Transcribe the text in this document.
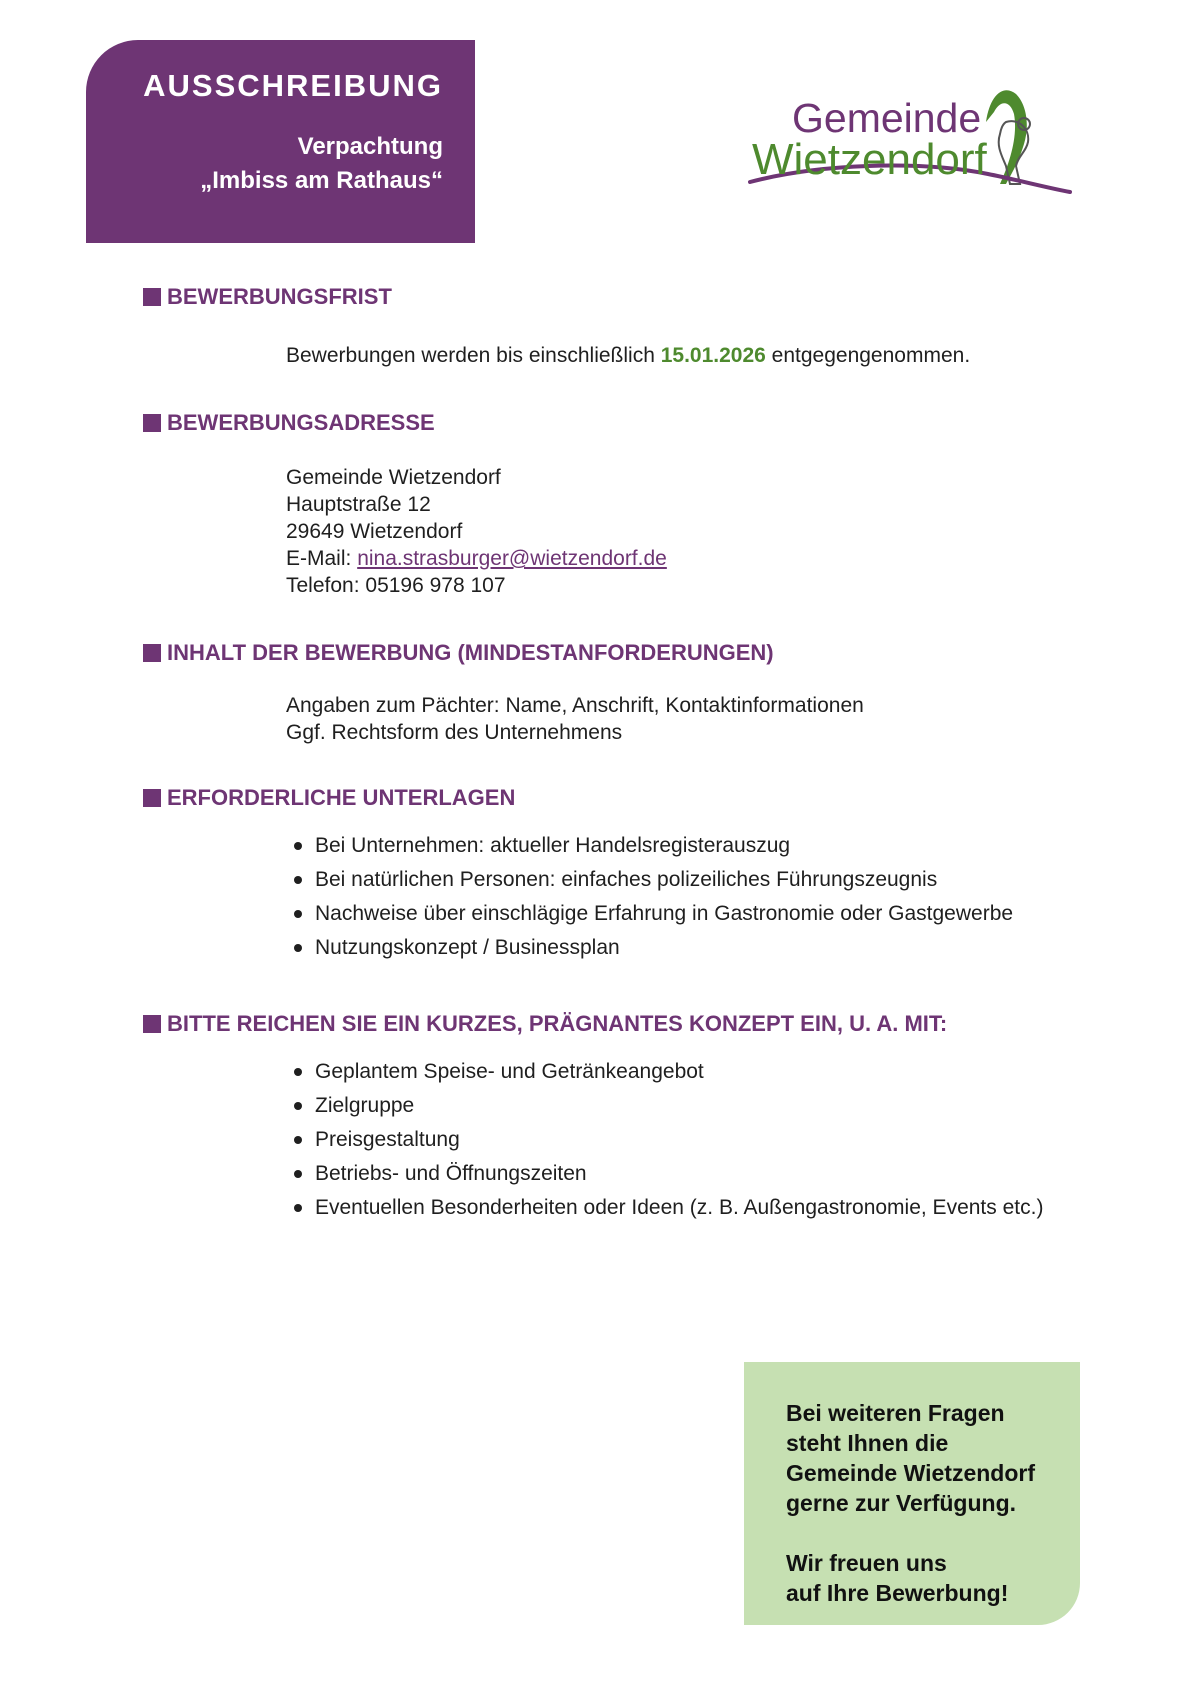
AUSSCHREIBUNG
Verpachtung
„Imbiss am Rathaus“
Gemeinde
Wietzendorf
BEWERBUNGSFRIST
Bewerbungen werden bis einschließlich 15.01.2026 entgegengenommen.
BEWERBUNGSADRESSE
Gemeinde Wietzendorf
Hauptstraße 12
29649 Wietzendorf
E-Mail: nina.strasburger@wietzendorf.de
Telefon: 05196 978 107
INHALT DER BEWERBUNG (MINDESTANFORDERUNGEN)
Angaben zum Pächter: Name, Anschrift, Kontaktinformationen
Ggf. Rechtsform des Unternehmens
ERFORDERLICHE UNTERLAGEN
Bei Unternehmen: aktueller Handelsregisterauszug
Bei natürlichen Personen: einfaches polizeiliches Führungszeugnis
Nachweise über einschlägige Erfahrung in Gastronomie oder Gastgewerbe
Nutzungskonzept / Businessplan
BITTE REICHEN SIE EIN KURZES, PRÄGNANTES KONZEPT EIN, U. A. MIT:
Geplantem Speise- und Getränkeangebot
Zielgruppe
Preisgestaltung
Betriebs- und Öffnungszeiten
Eventuellen Besonderheiten oder Ideen (z. B. Außengastronomie, Events etc.)

Bei weiteren Fragen
steht Ihnen die
Gemeinde Wietzendorf
gerne zur Verfügung.

Wir freuen uns
auf Ihre Bewerbung!
